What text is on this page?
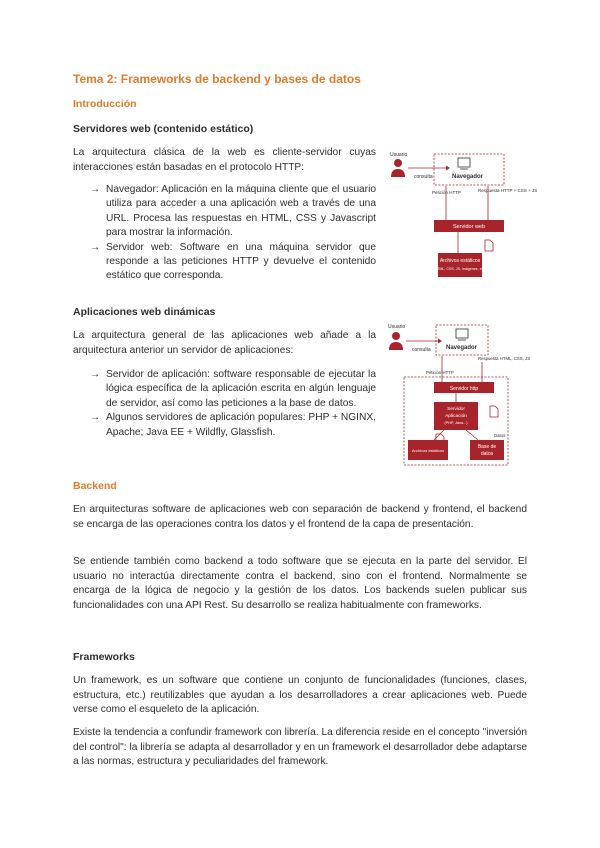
Tema 2: Frameworks de backend y bases de datos
Introducción
Servidores web (contenido estático)
La arquitectura clásica de la web es cliente-servidor cuyas interacciones están basadas en el protocolo HTTP:
→ Navegador: Aplicación en la máquina cliente que el usuario utiliza para acceder a una aplicación web a través de una URL. Procesa las respuestas en HTML, CSS y Javascript para mostrar la información.
→ Servidor web: Software en una máquina servidor que responde a las peticiones HTTP y devuelve el contenido estático que corresponda.
Usuario
consulta	Navegador
Petición HTTP	Respuesta HTTP + CSS + JS
Servidor web
Archivos estáticos
(HTML, CSS, JS, imágenes, etc.)
Aplicaciones web dinámicas
La arquitectura general de las aplicaciones web añade a la arquitectura anterior un servidor de aplicaciones:
→ Servidor de aplicación: software responsable de ejecutar la lógica específica de la aplicación escrita en algún lenguaje de servidor, así como las peticiones a la base de datos.
→ Algunos servidores de aplicación populares: PHP + NGINX, Apache; Java EE + Wildfly, Glassfish.
Usuario
consulta	Navegador
Petición HTTP
Respuesta HTML, CSS, JS
Servidor http
Servidor
Aplicación
(PHP, Java...)
Archivos estáticos
Datos
Base de
datos
Backend
En arquitecturas software de aplicaciones web con separación de backend y frontend, el backend se encarga de las operaciones contra los datos y el frontend de la capa de presentación.
Se entiende también como backend a todo software que se ejecuta en la parte del servidor. El usuario no interactúa directamente contra el backend, sino con el frontend. Normalmente se encarga de la lógica de negocio y la gestión de los datos. Los backends suelen publicar sus funcionalidades con una API Rest. Su desarrollo se realiza habitualmente con frameworks.
Frameworks
Un framework, es un software que contiene un conjunto de funcionalidades (funciones, clases, estructura, etc.) reutilizables que ayudan a los desarrolladores a crear aplicaciones web. Puede verse como el esqueleto de la aplicación.
Existe la tendencia a confundir framework con librería. La diferencia reside en el concepto "inversión del control": la librería se adapta al desarrollador y en un framework el desarrollador debe adaptarse a las normas, estructura y peculiaridades del framework.
